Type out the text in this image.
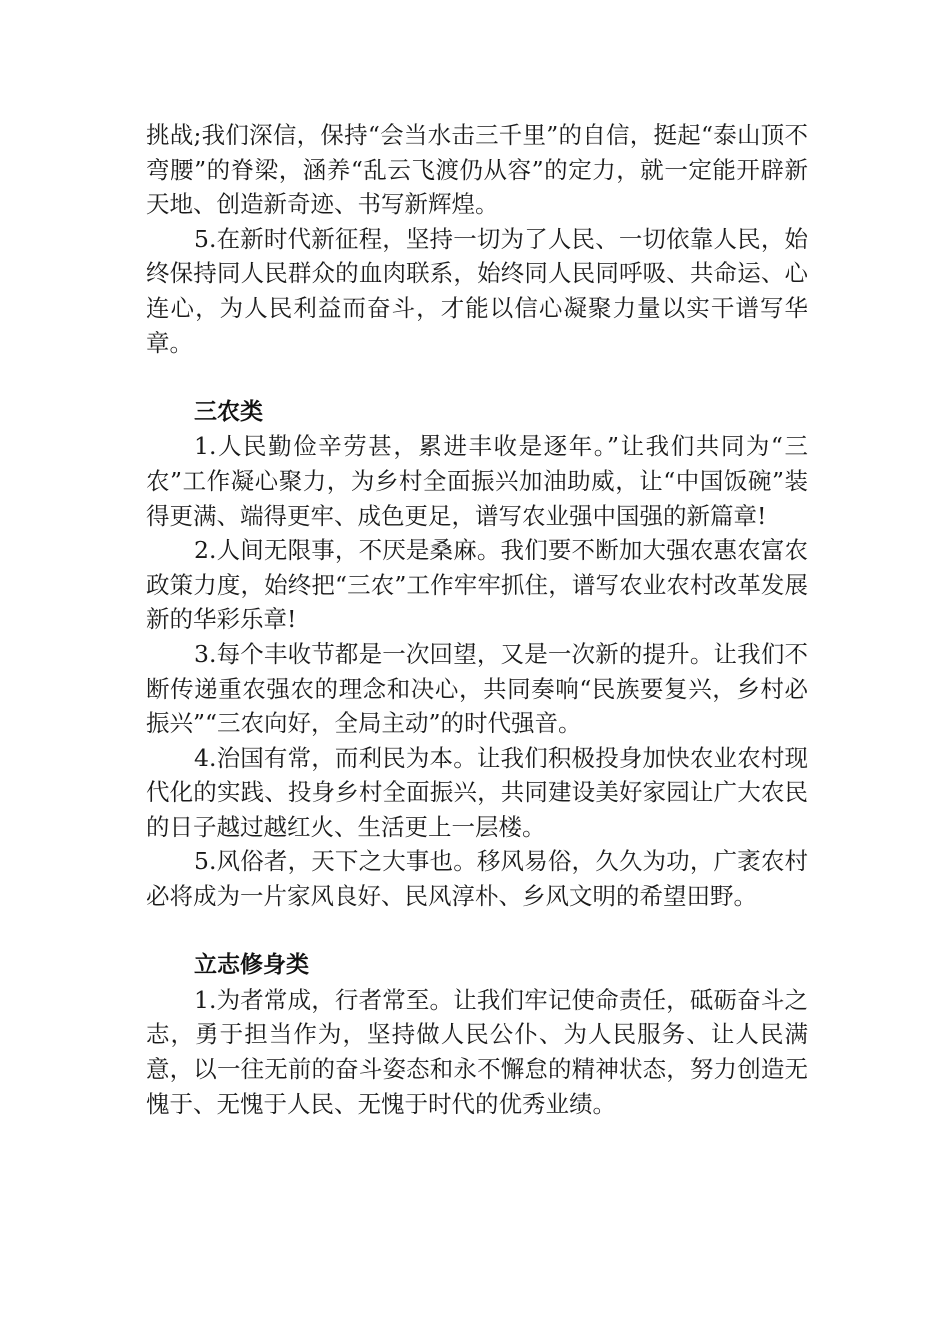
挑战;我们深信，保持“会当水击三千里”的自信，挺起“泰山顶不弯腰”的脊梁，涵养“乱云飞渡仍从容”的定力，就一定能开辟新天地、创造新奇迹、书写新辉煌。

5.在新时代新征程，坚持一切为了人民、一切依靠人民，始终保持同人民群众的血肉联系，始终同人民同呼吸、共命运、心连心，为人民利益而奋斗，才能以信心凝聚力量以实干谱写华章。

三农类

1.人民勤俭辛劳甚，累进丰收是逐年。”让我们共同为“三农”工作凝心聚力，为乡村全面振兴加油助威，让“中国饭碗”装得更满、端得更牢、成色更足，谱写农业强中国强的新篇章!

2.人间无限事，不厌是桑麻。我们要不断加大强农惠农富农政策力度，始终把“三农”工作牢牢抓住，谱写农业农村改革发展新的华彩乐章!

3.每个丰收节都是一次回望，又是一次新的提升。让我们不断传递重农强农的理念和决心，共同奏响“民族要复兴，乡村必振兴”“三农向好，全局主动”的时代强音。

4.治国有常，而利民为本。让我们积极投身加快农业农村现代化的实践、投身乡村全面振兴，共同建设美好家园让广大农民的日子越过越红火、生活更上一层楼。

5.风俗者，天下之大事也。移风易俗，久久为功，广袤农村必将成为一片家风良好、民风淳朴、乡风文明的希望田野。

立志修身类

1.为者常成，行者常至。让我们牢记使命责任，砥砺奋斗之志，勇于担当作为，坚持做人民公仆、为人民服务、让人民满意，以一往无前的奋斗姿态和永不懈怠的精神状态，努力创造无愧于、无愧于人民、无愧于时代的优秀业绩。
